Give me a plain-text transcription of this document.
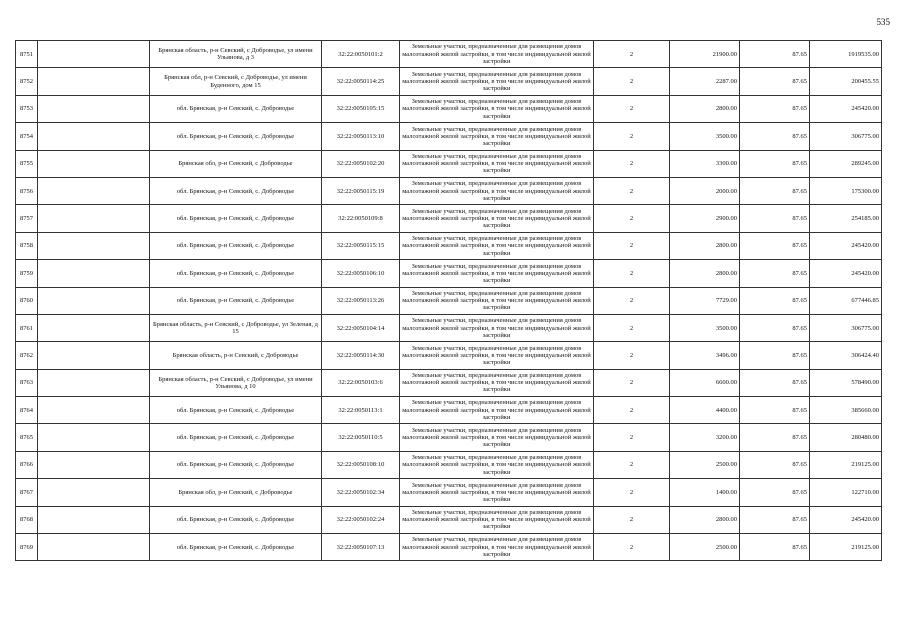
535
8751		Брянская область, р-н Севский, с Доброводье, ул имени Ульянова, д 3	32:22:0050101:2	Земельные участки, предназначенные для размещения домов малоэтажной жилой застройки, в том числе индивидуальной жилой застройки	2	21900.00	87.65	1919535.00
8752		Брянская обл, р-н Севский, с Доброводье, ул имени Буденного, дом 15	32:22:0050114:25	Земельные участки, предназначенные для размещения домов малоэтажной жилой застройки, в том числе индивидуальной жилой застройки	2	2287.00	87.65	200455.55
8753		обл. Брянская, р-н Севский, с. Доброводье	32:22:0050105:15	Земельные участки, предназначенные для размещения домов малоэтажной жилой застройки, в том числе индивидуальной жилой застройки	2	2800.00	87.65	245420.00
8754		обл. Брянская, р-н Севский, с. Доброводье	32:22:0050113:10	Земельные участки, предназначенные для размещения домов малоэтажной жилой застройки, в том числе индивидуальной жилой застройки	2	3500.00	87.65	306775.00
8755		Брянская обл, р-н Севский, с Доброводье	32:22:0050102:20	Земельные участки, предназначенные для размещения домов малоэтажной жилой застройки, в том числе индивидуальной жилой застройки	2	3300.00	87.65	289245.00
8756		обл. Брянская, р-н Севский, с. Доброводье	32:22:0050115:19	Земельные участки, предназначенные для размещения домов малоэтажной жилой застройки, в том числе индивидуальной жилой застройки	2	2000.00	87.65	175300.00
8757		обл. Брянская, р-н Севский, с. Доброводье	32:22:0050109:8	Земельные участки, предназначенные для размещения домов малоэтажной жилой застройки, в том числе индивидуальной жилой застройки	2	2900.00	87.65	254185.00
8758		обл. Брянская, р-н Севский, с. Доброводье	32:22:0050115:15	Земельные участки, предназначенные для размещения домов малоэтажной жилой застройки, в том числе индивидуальной жилой застройки	2	2800.00	87.65	245420.00
8759		обл. Брянская, р-н Севский, с. Доброводье	32:22:0050106:10	Земельные участки, предназначенные для размещения домов малоэтажной жилой застройки, в том числе индивидуальной жилой застройки	2	2800.00	87.65	245420.00
8760		обл. Брянская, р-н Севский, с. Доброводье	32:22:0050113:26	Земельные участки, предназначенные для размещения домов малоэтажной жилой застройки, в том числе индивидуальной жилой застройки	2	7729.00	87.65	677446.85
8761		Брянская область, р-н Севский, с Доброводье, ул Зеленая, д 15	32:22:0050104:14	Земельные участки, предназначенные для размещения домов малоэтажной жилой застройки, в том числе индивидуальной жилой застройки	2	3500.00	87.65	306775.00
8762		Брянская область, р-н Севский, с Доброводье	32:22:0050114:30	Земельные участки, предназначенные для размещения домов малоэтажной жилой застройки, в том числе индивидуальной жилой застройки	2	3496.00	87.65	306424.40
8763		Брянская область, р-н Севский, с Доброводье, ул имени Ульянова, д 10	32:22:0050103:6	Земельные участки, предназначенные для размещения домов малоэтажной жилой застройки, в том числе индивидуальной жилой застройки	2	6600.00	87.65	578490.00
8764		обл. Брянская, р-н Севский, с. Доброводье	32:22:0050113:1	Земельные участки, предназначенные для размещения домов малоэтажной жилой застройки, в том числе индивидуальной жилой застройки	2	4400.00	87.65	385660.00
8765		обл. Брянская, р-н Севский, с. Доброводье	32:22:0050110:5	Земельные участки, предназначенные для размещения домов малоэтажной жилой застройки, в том числе индивидуальной жилой застройки	2	3200.00	87.65	280480.00
8766		обл. Брянская, р-н Севский, с. Доброводье	32:22:0050108:10	Земельные участки, предназначенные для размещения домов малоэтажной жилой застройки, в том числе индивидуальной жилой застройки	2	2500.00	87.65	219125.00
8767		Брянская обл, р-н Севский, с Доброводье	32:22:0050102:34	Земельные участки, предназначенные для размещения домов малоэтажной жилой застройки, в том числе индивидуальной жилой застройки	2	1400.00	87.65	122710.00
8768		обл. Брянская, р-н Севский, с. Доброводье	32:22:0050102:24	Земельные участки, предназначенные для размещения домов малоэтажной жилой застройки, в том числе индивидуальной жилой застройки	2	2800.00	87.65	245420.00
8769		обл. Брянская, р-н Севский, с. Доброводье	32:22:0050107:13	Земельные участки, предназначенные для размещения домов малоэтажной жилой застройки, в том числе индивидуальной жилой застройки	2	2500.00	87.65	219125.00
